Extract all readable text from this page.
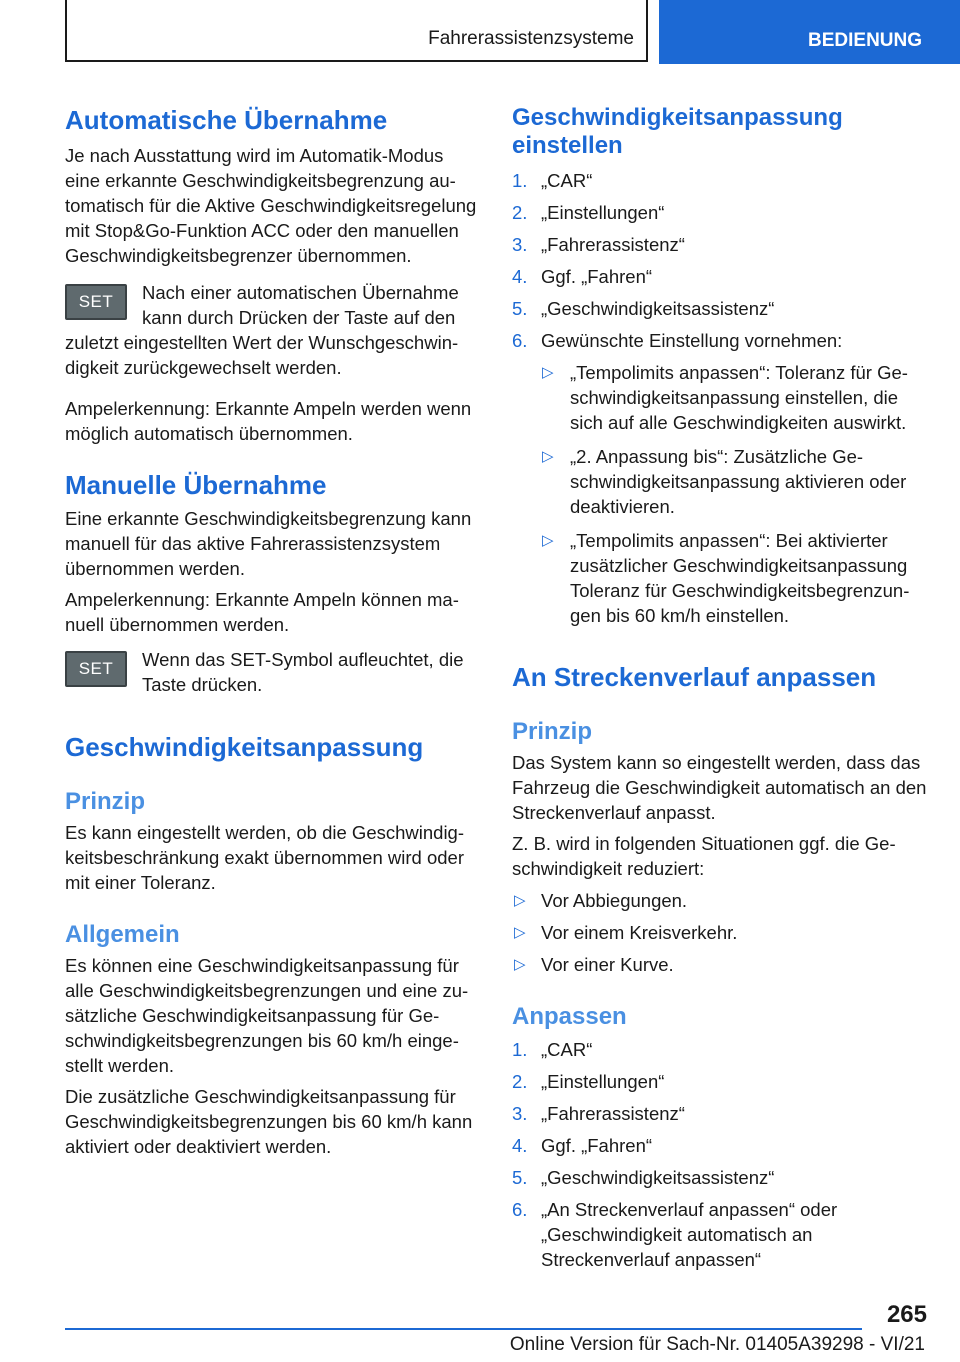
Fahrerassistenzsysteme	BEDIENUNG
Automatische Übernahme

Je nach Ausstattung wird im Automatik-Modus eine erkannte Geschwindigkeitsbegrenzung automatisch für die Aktive Geschwindigkeitsregelung mit Stop&Go-Funktion ACC oder den manuellen Geschwindigkeitsbegrenzer übernommen.

SET	Nach einer automatischen Übernahme kann durch Drücken der Taste auf den

zuletzt eingestellten Wert der Wunschgeschwindigkeit zurückgewechselt werden.

Ampelerkennung: Erkannte Ampeln werden wenn möglich automatisch übernommen.

Manuelle Übernahme

Eine erkannte Geschwindigkeitsbegrenzung kann manuell für das aktive Fahrerassistenzsystem übernommen werden.

Ampelerkennung: Erkannte Ampeln können manuell übernommen werden.

SET	Wenn das SET-Symbol aufleuchtet, die Taste drücken.

Geschwindigkeitsanpassung
Prinzip

Es kann eingestellt werden, ob die Geschwindigkeitsbeschränkung exakt übernommen wird oder mit einer Toleranz.

Allgemein

Es können eine Geschwindigkeitsanpassung für alle Geschwindigkeitsbegrenzungen und eine zusätzliche Geschwindigkeitsanpassung für Geschwindigkeitsbegrenzungen bis 60 km/h eingestellt werden.

Die zusätzliche Geschwindigkeitsanpassung für Geschwindigkeitsbegrenzungen bis 60 km/h kann aktiviert oder deaktiviert werden.

Geschwindigkeitsanpassung einstellen
1. „CAR“
2. „Einstellungen“
3. „Fahrerassistenz“
4. Ggf. „Fahren“
5. „Geschwindigkeitsassistenz“
6. Gewünschte Einstellung vornehmen:
▷ „Tempolimits anpassen“: Toleranz für Geschwindigkeitsanpassung einstellen, die sich auf alle Geschwindigkeiten auswirkt.
▷ „2. Anpassung bis“: Zusätzliche Geschwindigkeitsanpassung aktivieren oder deaktivieren.
▷ „Tempolimits anpassen“: Bei aktivierter zusätzlicher Geschwindigkeitsanpassung Toleranz für Geschwindigkeitsbegrenzungen bis 60 km/h einstellen.
An Streckenverlauf anpassen
Prinzip

Das System kann so eingestellt werden, dass das Fahrzeug die Geschwindigkeit automatisch an den Streckenverlauf anpasst.

Z. B. wird in folgenden Situationen ggf. die Geschwindigkeit reduziert:

▷ Vor Abbiegungen.
▷ Vor einem Kreisverkehr.
▷ Vor einer Kurve.
Anpassen
1. „CAR“
2. „Einstellungen“
3. „Fahrerassistenz“
4. Ggf. „Fahren“
5. „Geschwindigkeitsassistenz“
6. „An Streckenverlauf anpassen“ oder „Geschwindigkeit automatisch an Streckenverlauf anpassen“
265
Online Version für Sach-Nr. 01405A39298 - VI/21
